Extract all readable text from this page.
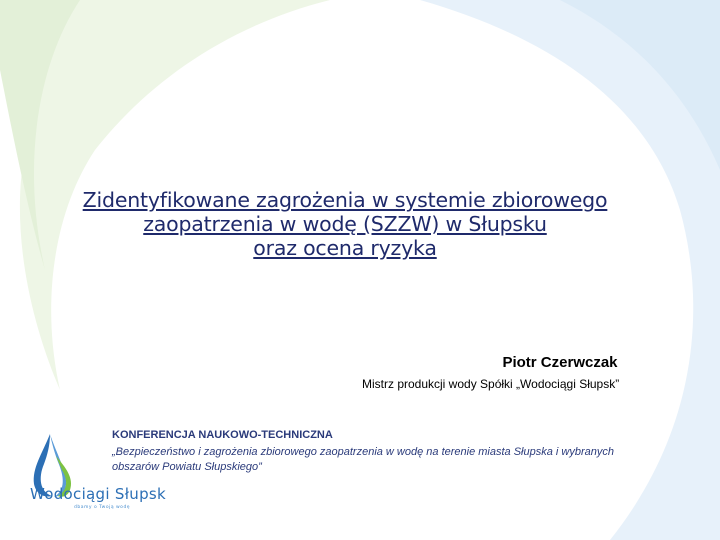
Zidentyfikowane zagrożenia w systemie zbiorowego
zaopatrzenia w wodę (SZZW) w Słupsku
oraz ocena ryzyka
Piotr Czerwczak
Mistrz produkcji wody Spółki „Wodociągi Słupsk”
KONFERENCJA NAUKOWO-TECHNICZNA
„Bezpieczeństwo i zagrożenia zbiorowego zaopatrzenia w wodę na terenie miasta Słupska i wybranych obszarów Powiatu Słupskiego”
Wodociągi Słupsk
dbamy o Twoją wodę
